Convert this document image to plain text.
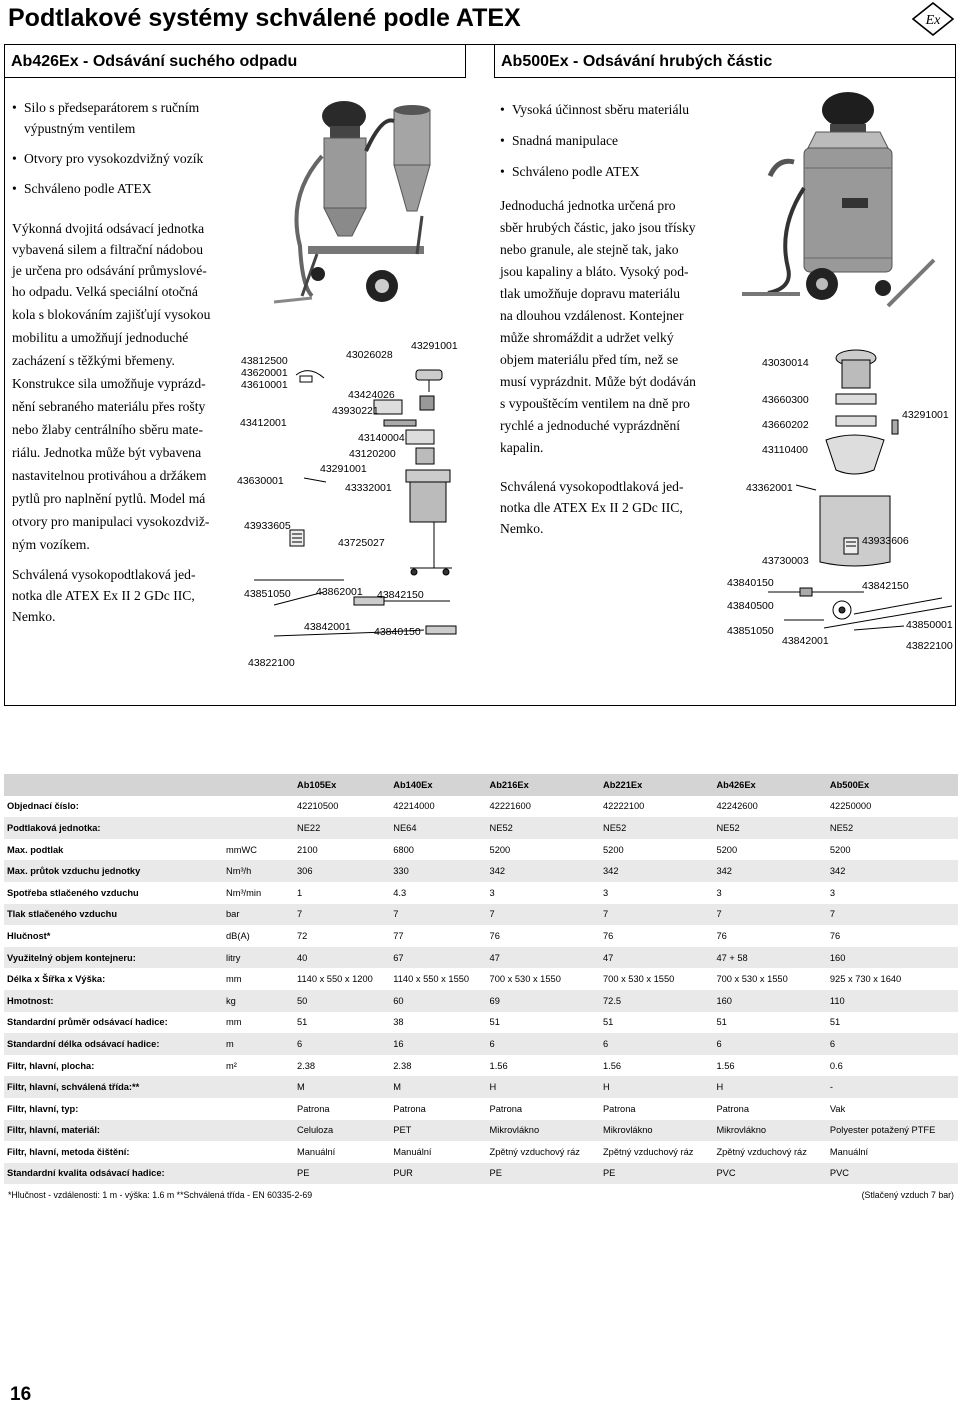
Podtlakové systémy schválené podle ATEX	Ex
Ab426Ex - Odsávání suchého odpadu	Ab500Ex - Odsávání hrubých částic
• Silo s předseparátorem s ručním výpustným ventilem
• Otvory pro vysokozdvižný vozík
• Schváleno podle ATEX
Výkonná dvojitá odsávací jednotka
vybavená silem a filtrační nádobou
je určena pro odsávání průmyslové-
ho odpadu. Velká speciální otočná
kola s blokováním zajišťují vysokou
mobilitu a umožňují jednoduché
zacházení s těžkými břemeny.
Konstrukce sila umožňuje vyprázd-
nění sebraného materiálu přes rošty
nebo žlaby centrálního sběru mate-
riálu. Jednotka může být vybavena
nastavitelnou protiváhou a držákem
pytlů pro naplnění pytlů. Model má
otvory pro manipulaci vysokozdviž-
ným vozíkem.
Schválená vysokopodtlaková jed-
notka dle ATEX Ex II 2 GDc IIC,
Nemko.
43812500
43620001
43610001
43412001
43630001
43933605
43851050
43822100
43026028
43291001
43424026
43930221
43140004
43120200
43291001
43332001
43725027
43862001 43842150
43842001 43840150
• Vysoká účinnost sběru materiálu
• Snadná manipulace
• Schváleno podle ATEX
Jednoduchá jednotka určená pro
sběr hrubých částic, jako jsou třísky
nebo granule, ale stejně tak, jako
jsou kapaliny a bláto. Vysoký pod-
tlak umožňuje dopravu materiálu
na dlouhou vzdálenost. Kontejner
může shromáždit a udržet velký
objem materiálu před tím, než se
musí vyprázdnit. Může být dodáván
s vypouštěcím ventilem na dně pro
rychlé a jednoduché vyprázdnění
kapalin.
Schválená vysokopodtlaková jed-
notka dle ATEX Ex II 2 GDc IIC,
Nemko.
43030014
43660300
43660202
43110400
43291001
43362001
43933606
43730003
43840150	43842150
43840500
43850001
43851050
43842001	43822100
		Ab105Ex	Ab140Ex	Ab216Ex	Ab221Ex	Ab426Ex	Ab500Ex
Objednací číslo:		42210500	42214000	42221600	42222100	42242600	42250000
Podtlaková jednotka:		NE22	NE64	NE52	NE52	NE52	NE52
Max. podtlak	mmWC	2100	6800	5200	5200	5200	5200
Max. průtok vzduchu jednotky	Nm³/h	306	330	342	342	342	342
Spotřeba stlačeného vzduchu	Nm³/min	1	4.3	3	3	3	3
Tlak stlačeného vzduchu	bar	7	7	7	7	7	7
Hlučnost*	dB(A)	72	77	76	76	76	76
Využitelný objem kontejneru:	litry	40	67	47	47	47 + 58	160
Délka x Šířka x Výška:	mm	1140 x 550 x 1200	1140 x 550 x 1550	700 x 530 x 1550	700 x 530 x 1550	700 x 530 x 1550	925 x 730 x 1640
Hmotnost:	kg	50	60	69	72.5	160	110
Standardní průměr odsávací hadice:	mm	51	38	51	51	51	51
Standardní délka odsávací hadice:	m	6	16	6	6	6	6
Filtr, hlavní, plocha:	m²	2.38	2.38	1.56	1.56	1.56	0.6
Filtr, hlavní, schválená třída:**		M	M	H	H	H	-
Filtr, hlavní, typ:		Patrona	Patrona	Patrona	Patrona	Patrona	Vak
Filtr, hlavní, materiál:		Celuloza	PET	Mikrovlákno	Mikrovlákno	Mikrovlákno	Polyester potažený PTFE
Filtr, hlavní, metoda čištění:		Manuální	Manuální	Zpětný vzduchový ráz	Zpětný vzduchový ráz	Zpětný vzduchový ráz	Manuální
Standardní kvalita odsávací hadice:		PE	PUR	PE	PE	PVC	PVC
*Hlučnost - vzdálenosti: 1 m - výška: 1.6 m **Schválená třída - EN 60335-2-69	(Stlačený vzduch 7 bar)
16
